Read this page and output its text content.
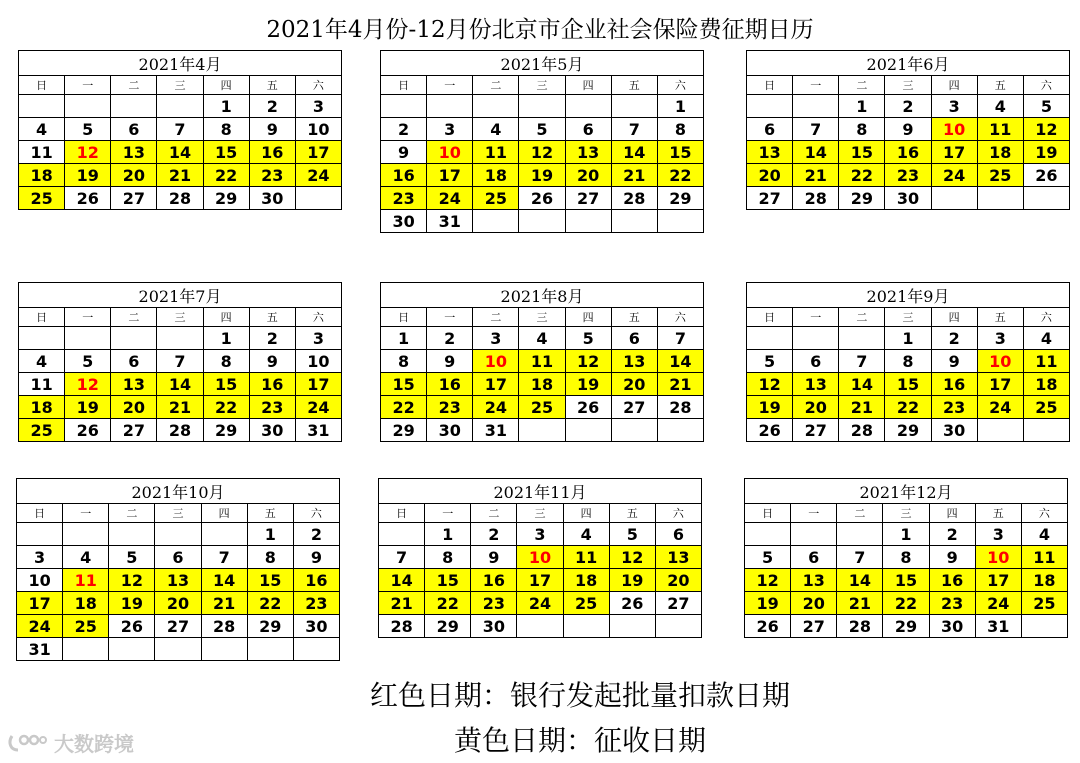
2021年4月份-12月份北京市企业社会保险费征期日历
2021年4月						
日	一	二	三	四	五	六
				1	2	3
4	5	6	7	8	9	10
11	12	13	14	15	16	17
18	19	20	21	22	23	24
25	26	27	28	29	30	
2021年5月						
日	一	二	三	四	五	六
						1
2	3	4	5	6	7	8
9	10	11	12	13	14	15
16	17	18	19	20	21	22
23	24	25	26	27	28	29
30	31					
2021年6月						
日	一	二	三	四	五	六
		1	2	3	4	5
6	7	8	9	10	11	12
13	14	15	16	17	18	19
20	21	22	23	24	25	26
27	28	29	30			
2021年7月						
日	一	二	三	四	五	六
				1	2	3
4	5	6	7	8	9	10
11	12	13	14	15	16	17
18	19	20	21	22	23	24
25	26	27	28	29	30	31
2021年8月						
日	一	二	三	四	五	六
1	2	3	4	5	6	7
8	9	10	11	12	13	14
15	16	17	18	19	20	21
22	23	24	25	26	27	28
29	30	31				
2021年9月						
日	一	二	三	四	五	六
			1	2	3	4
5	6	7	8	9	10	11
12	13	14	15	16	17	18
19	20	21	22	23	24	25
26	27	28	29	30		
2021年10月						
日	一	二	三	四	五	六
					1	2
3	4	5	6	7	8	9
10	11	12	13	14	15	16
17	18	19	20	21	22	23
24	25	26	27	28	29	30
31						
2021年11月						
日	一	二	三	四	五	六
	1	2	3	4	5	6
7	8	9	10	11	12	13
14	15	16	17	18	19	20
21	22	23	24	25	26	27
28	29	30				
2021年12月						
日	一	二	三	四	五	六
			1	2	3	4
5	6	7	8	9	10	11
12	13	14	15	16	17	18
19	20	21	22	23	24	25
26	27	28	29	30	31	
红色日期：银行发起批量扣款日期
黄色日期：征收日期
大数跨境
